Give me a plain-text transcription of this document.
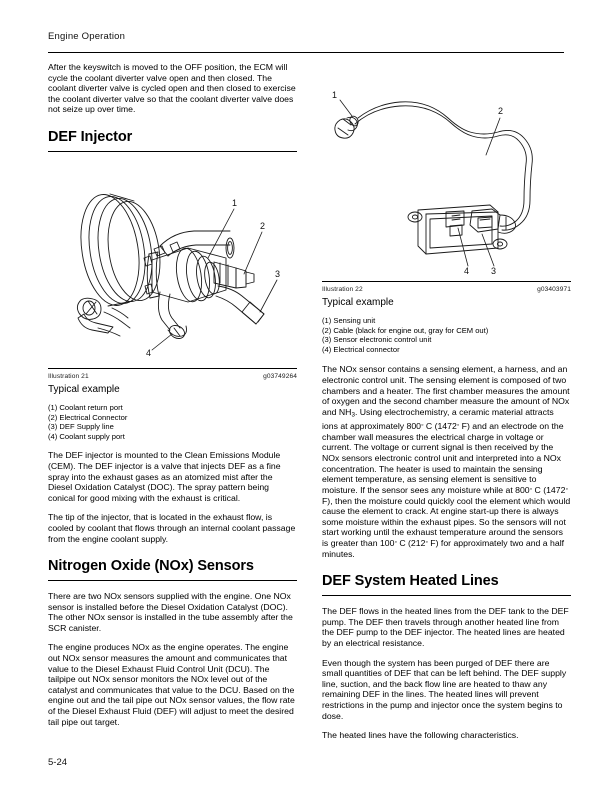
Engine Operation

After the keyswitch is moved to the OFF position, the ECM will cycle the coolant diverter valve open and then closed. The coolant diverter valve is cycled open and then closed to exercise the coolant diverter valve so that the coolant diverter valve does not seize up over time.

DEF Injector
1
2
3
4
Illustration 21	g03749264
Typical example
(1) Coolant return port
(2) Electrical Connector
(3) DEF Supply line
(4) Coolant supply port

The DEF injector is mounted to the Clean Emissions Module (CEM). The DEF injector is a valve that injects DEF as a fine spray into the exhaust gases as an atomized mist after the Diesel Oxidation Catalyst (DOC). The spray pattern being conical for good mixing with the exhaust is critical.

The tip of the injector, that is located in the exhaust flow, is cooled by coolant that flows through an internal coolant passage from the engine coolant supply.

Nitrogen Oxide (NOx) Sensors

There are two NOx sensors supplied with the engine. One NOx sensor is installed before the Diesel Oxidation Catalyst (DOC). The other NOx sensor is installed in the tube assembly after the SCR canister.

The engine produces NOx as the engine operates. The engine out NOx sensor measures the amount and communicates that value to the Diesel Exhaust Fluid Control Unit (DCU). The tailpipe out NOx sensor monitors the NOx level out of the catalyst and communicates that value to the DCU. Based on the engine out and the tail pipe out NOx sensor values, the flow rate of the Diesel Exhaust Fluid (DEF) will adjust to meet the desired tail pipe out target.

1
2
3
4
Illustration 22	g03403971
Typical example
(1) Sensing unit
(2) Cable (black for engine out, gray for CEM out)
(3) Sensor electronic control unit
(4) Electrical connector

The NOx sensor contains a sensing element, a harness, and an electronic control unit. The sensing element is composed of two chambers and a heater. The first chamber measures the amount of oxygen and the second chamber measure the amount of NOx and $NH_3$. Using electrochemistry, a ceramic material attracts ions at approximately 800◦ C (1472◦ F) and an electrode on the chamber wall measures the electrical charge in voltage or current. The voltage or current signal is then received by the NOx sensors electronic control unit and interpreted into a NOx concentration. The heater is used to maintain the sensing element temperature, as sensing element is sensitive to moisture. If the sensor sees any moisture while at 800◦ C (1472◦ F), then the moisture could quickly cool the element which would cause the element to crack. At engine start-up there is always some moisture within the exhaust pipes. So the sensors will not start working until the exhaust temperature around the sensors is greater than 100◦ C (212◦ F) for approximately two and a half minutes.

DEF System Heated Lines

The DEF flows in the heated lines from the DEF tank to the DEF pump. The DEF then travels through another heated line from the DEF pump to the DEF injector. The heated lines are heated by an electrical resistance.

Even though the system has been purged of DEF there are small quantities of DEF that can be left behind. The DEF supply line, suction, and the back flow line are heated to thaw any remaining DEF in the lines. The heated lines will prevent restrictions in the pump and injector once the system begins to dose.

The heated lines have the following characteristics.

5-24
